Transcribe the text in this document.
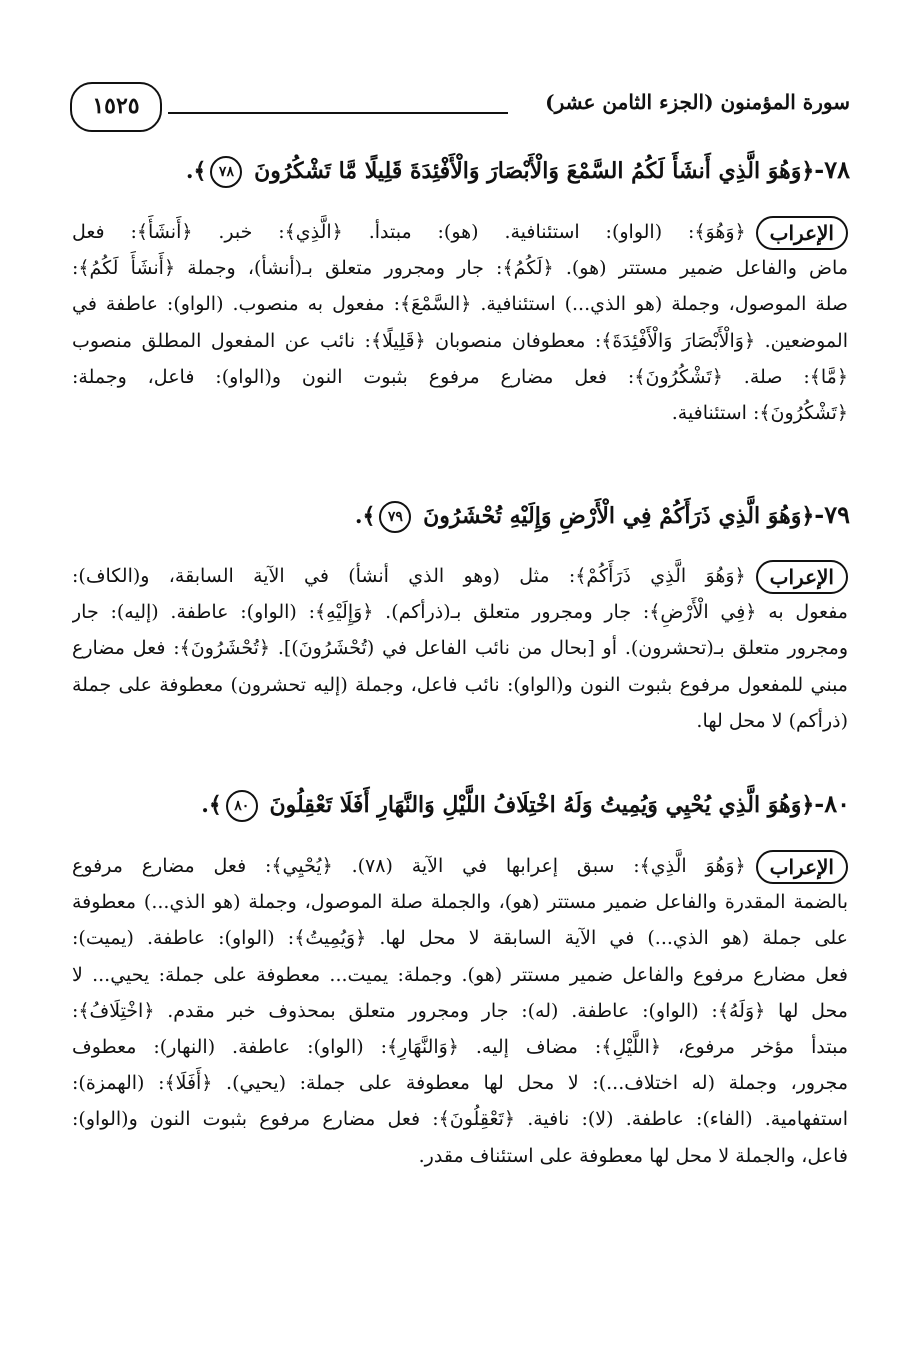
سورة المؤمنون (الجزء الثامن عشر)
١٥٢٥
٧٨-﴿وَهُوَ الَّذِي أَنشَأَ لَكُمُ السَّمْعَ وَالْأَبْصَارَ وَالْأَفْئِدَةَ قَلِيلًا مَّا تَشْكُرُونَ ٧٨﴾.
الإعراب
﴿وَهُوَ﴾: (الواو): استئنافية. (هو): مبتدأ. ﴿الَّذِي﴾: خبر. ﴿أَنشَأَ﴾: فعل
ماض والفاعل ضمير مستتر (هو). ﴿لَكُمُ﴾: جار ومجرور متعلق بـ(أنشأ)، وجملة ﴿أَنشَأَ لَكُمُ﴾:
صلة الموصول، وجملة (هو الذي...) استئنافية. ﴿السَّمْعَ﴾: مفعول به منصوب. (الواو): عاطفة في
الموضعين. ﴿وَالْأَبْصَارَ وَالْأَفْئِدَةَ﴾: معطوفان منصوبان ﴿قَلِيلًا﴾: نائب عن المفعول المطلق منصوب
﴿مَّا﴾: صلة. ﴿تَشْكُرُونَ﴾: فعل مضارع مرفوع بثبوت النون و(الواو): فاعل، وجملة:
﴿تَشْكُرُونَ﴾: استئنافية.
٧٩-﴿وَهُوَ الَّذِي ذَرَأَكُمْ فِي الْأَرْضِ وَإِلَيْهِ تُحْشَرُونَ ٧٩﴾.
الإعراب
﴿وَهُوَ الَّذِي ذَرَأَكُمْ﴾: مثل (وهو الذي أنشأ) في الآية السابقة، و(الكاف):
مفعول به ﴿فِي الْأَرْضِ﴾: جار ومجرور متعلق بـ(ذرأكم). ﴿وَإِلَيْهِ﴾: (الواو): عاطفة. (إليه): جار
ومجرور متعلق بـ(تحشرون). أو [بحال من نائب الفاعل في (تُحْشَرُونَ)]. ﴿تُحْشَرُونَ﴾: فعل مضارع
مبني للمفعول مرفوع بثبوت النون و(الواو): نائب فاعل، وجملة (إليه تحشرون) معطوفة على جملة
(ذرأكم) لا محل لها.
٨٠-﴿وَهُوَ الَّذِي يُحْيِي وَيُمِيتُ وَلَهُ اخْتِلَافُ اللَّيْلِ وَالنَّهَارِ أَفَلَا تَعْقِلُونَ ٨٠﴾.
الإعراب
﴿وَهُوَ الَّذِي﴾: سبق إعرابها في الآية (٧٨). ﴿يُحْيِي﴾: فعل مضارع مرفوع
بالضمة المقدرة والفاعل ضمير مستتر (هو)، والجملة صلة الموصول، وجملة (هو الذي...) معطوفة
على جملة (هو الذي...) في الآية السابقة لا محل لها. ﴿وَيُمِيتُ﴾: (الواو): عاطفة. (يميت):
فعل مضارع مرفوع والفاعل ضمير مستتر (هو). وجملة: يميت... معطوفة على جملة: يحيي... لا
محل لها ﴿وَلَهُ﴾: (الواو): عاطفة. (له): جار ومجرور متعلق بمحذوف خبر مقدم. ﴿اخْتِلَافُ﴾:
مبتدأ مؤخر مرفوع، ﴿اللَّيْلِ﴾: مضاف إليه. ﴿وَالنَّهَارِ﴾: (الواو): عاطفة. (النهار): معطوف
مجرور، وجملة (له اختلاف...): لا محل لها معطوفة على جملة: (يحيي). ﴿أَفَلَا﴾: (الهمزة):
استفهامية. (الفاء): عاطفة. (لا): نافية. ﴿تَعْقِلُونَ﴾: فعل مضارع مرفوع بثبوت النون و(الواو):
فاعل، والجملة لا محل لها معطوفة على استئناف مقدر.
